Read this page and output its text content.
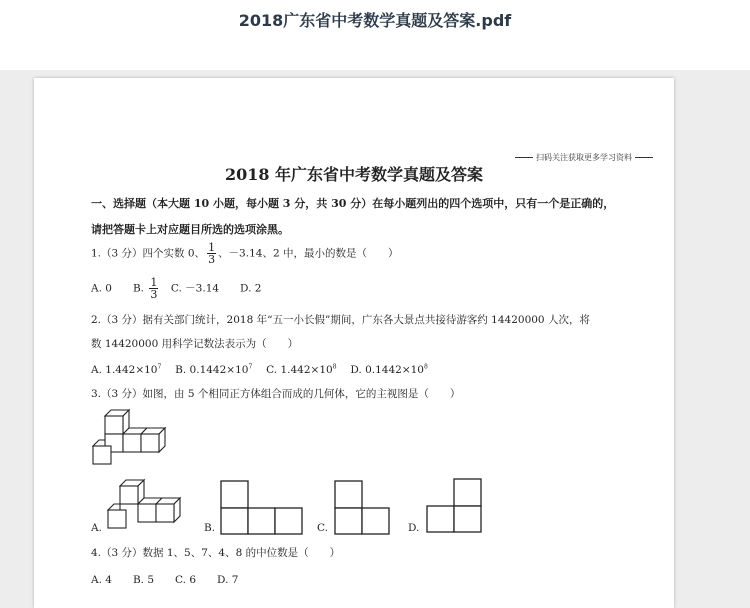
2018广东省中考数学真题及答案.pdf
扫码关注获取更多学习资料
2018 年广东省中考数学真题及答案
一、选择题（本大题 10 小题，每小题 3 分，共 30 分）在每小题列出的四个选项中，只有一个是正确的，
请把答题卡上对应题目所选的选项涂黑。
1.（3 分）四个实数 0、 $\frac{1}{3}$ 、－3.14、2 中，最小的数是（　　）
A. 0　　B. $\frac{1}{3}$ 　C. －3.14　　D. 2
2.（3 分）据有关部门统计，2018 年“五一小长假”期间，广东各大景点共接待游客约 14420000 人次，将
数 14420000 用科学记数法表示为（　　）
A. $1.442\times 10^7$　 B. $0.1442\times 10^7$　 C. $1.442\times 10^8$　 D. $0.1442\times 10^8$
3.（3 分）如图，由 5 个相同正方体组合而成的几何体，它的主视图是（　　）
A.	B.	C.	D.
4.（3 分）数据 1、5、7、4、8 的中位数是（　　）
A. 4　　B. 5　　C. 6　　D. 7
